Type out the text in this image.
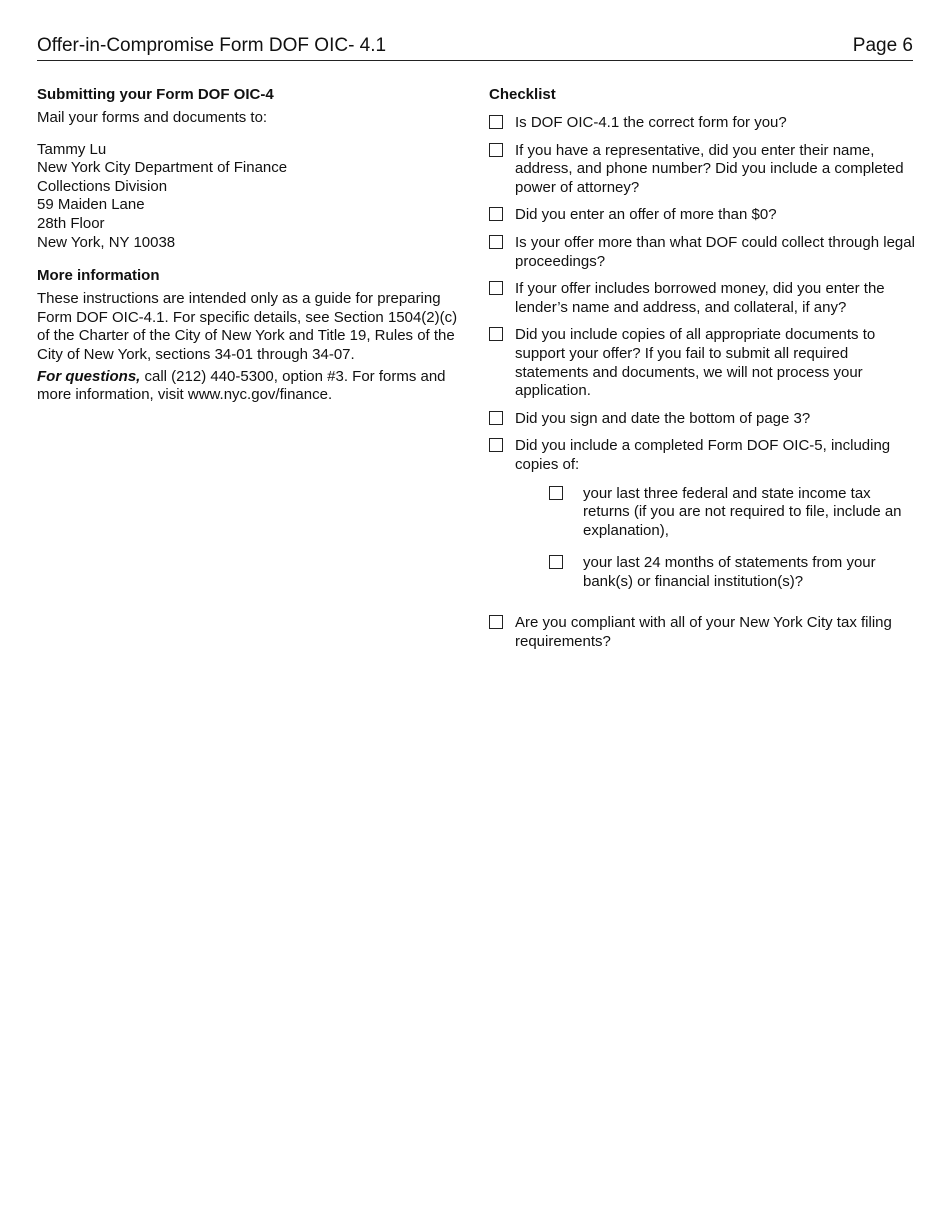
Offer-in-Compromise Form DOF OIC- 4.1	Page 6
Submitting your Form DOF OIC-4

Mail your forms and documents to:

Tammy Lu
New York City Department of Finance
Collections Division
59 Maiden Lane
28th Floor
New York, NY 10038
More information

These instructions are intended only as a guide for preparing Form DOF OIC-4.1. For specific details, see Section 1504(2)(c) of the Charter of the City of New York and Title 19, Rules of the City of New York, sections 34-01 through 34-07.

For questions, call (212) 440-5300, option #3. For forms and more information, visit www.nyc.gov/finance.

Checklist
Is DOF OIC-4.1 the correct form for you?
If you have a representative, did you enter their name, address, and phone number? Did you include a completed power of attorney?
Did you enter an offer of more than $0?
Is your offer more than what DOF could collect through legal proceedings?
If your offer includes borrowed money, did you enter the lender’s name and address, and collateral, if any?
Did you include copies of all appropriate documents to support your offer? If you fail to submit all required statements and documents, we will not process your application.
Did you sign and date the bottom of page 3?
Did you include a completed Form DOF OIC-5, including copies of:
your last three federal and state income tax returns (if you are not required to file, include an explanation),
your last 24 months of statements from your bank(s) or financial institution(s)?
Are you compliant with all of your New York City tax filing requirements?
